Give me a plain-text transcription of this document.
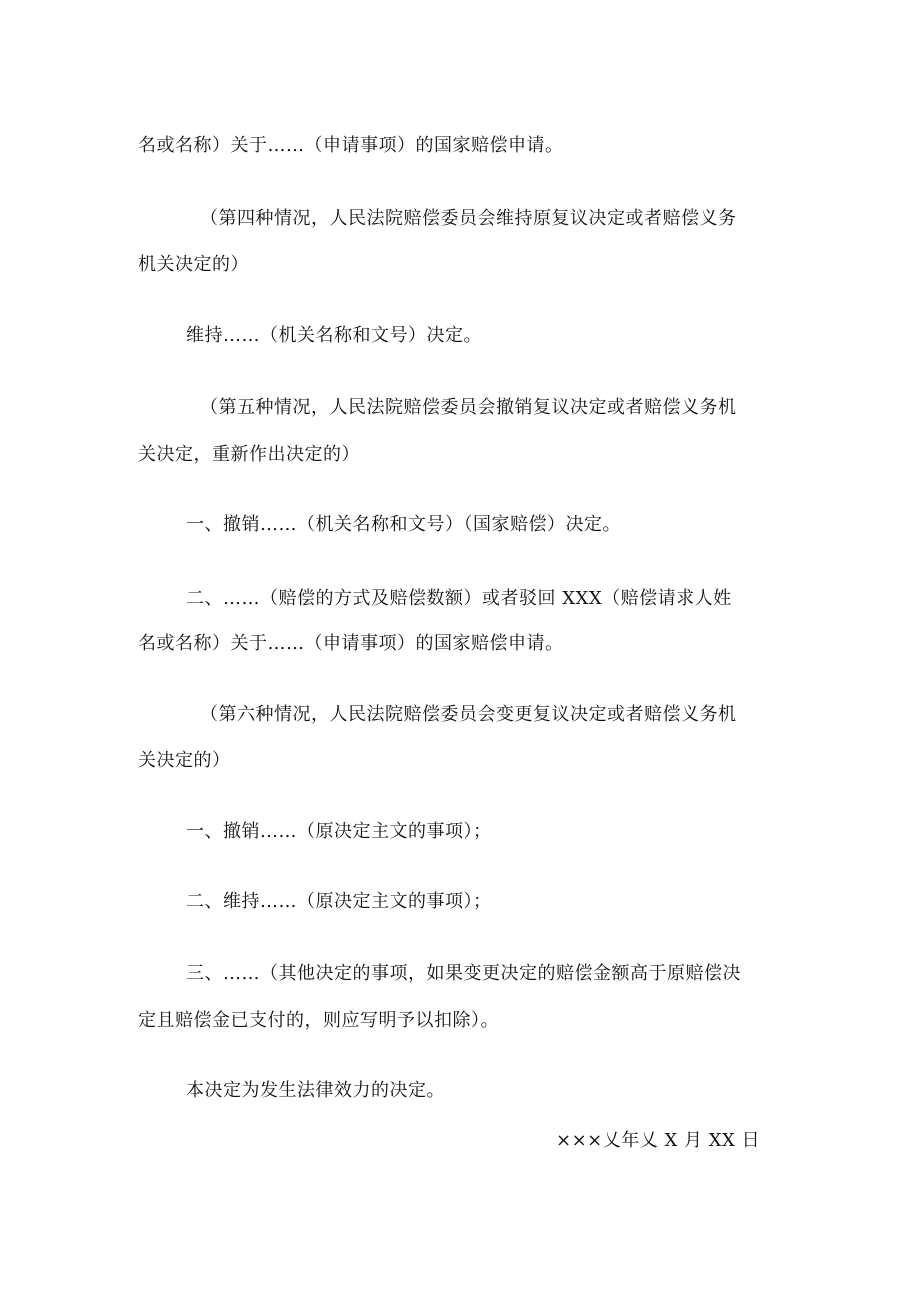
名或名称）关于……（申请事项）的国家赔偿申请。
（第四种情况，人民法院赔偿委员会维持原复议决定或者赔偿义务
机关决定的）
维持……（机关名称和文号）决定。
（第五种情况，人民法院赔偿委员会撤销复议决定或者赔偿义务机
关决定，重新作出决定的）
一、撤销……（机关名称和文号）（国家赔偿）决定。
二、……（赔偿的方式及赔偿数额）或者驳回 XXX（赔偿请求人姓
名或名称）关于……（申请事项）的国家赔偿申请。
（第六种情况，人民法院赔偿委员会变更复议决定或者赔偿义务机
关决定的）
一、撤销……（原决定主文的事项）；
二、维持……（原决定主文的事项）；
三、……（其他决定的事项，如果变更决定的赔偿金额高于原赔偿决
定且赔偿金已支付的，则应写明予以扣除）。
本决定为发生法律效力的决定。
×××乂年乂 X 月 XX 日
